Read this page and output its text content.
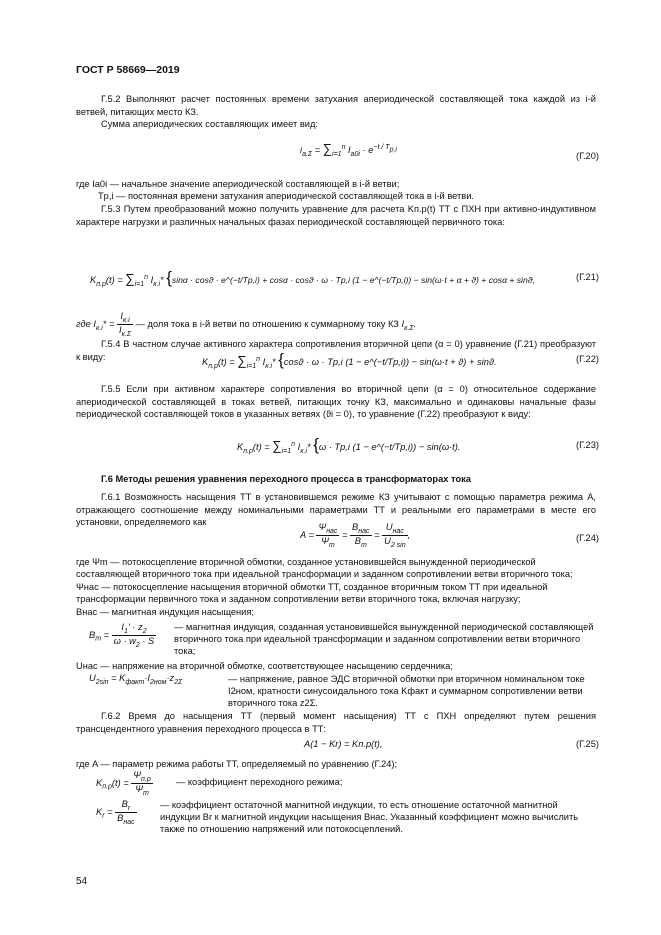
ГОСТ Р 58669—2019
Г.5.2 Выполняют расчет постоянных времени затухания апериодической составляющей тока каждой из i-й ветвей, питающих место КЗ.
Сумма апериодических составляющих имеет вид:
$i_{a.\Sigma} = \sum_{i=1}^n$ $I_{a0i} \cdot e^{-t / T_{p,i}}$
(Г.20)
где Ia0i — начальное значение апериодической составляющей в i-й ветви;
Tp,i — постоянная времени затухания апериодической составляющей тока в i-й ветви.
Г.5.3 Путем преобразований можно получить уравнение для расчета Kп.р(t) ТТ с ПХН при активно-индуктивном характере нагрузки и различных начальных фазах периодической составляющей первичного тока:
$K_{п.р}(t) = \sum_{i=1}^n$ $I_{к.i}*$ {sinα · cosϑ · e^(−t/Tp,i) + cosα · cosϑ · ω · Tp,i (1 − e^(−t/Tp,i)) − sin(ω·t + α + ϑ) + cosα + sinϑ,	(Г.21)
где $I_{к.i}* = \frac{I_{к.i}}{I_{к.\Sigma}}$ — доля тока в i-й ветви по отношению к суммарному току КЗ $I_{к.\Sigma}$.
Г.5.4 В частном случае активного характера сопротивления вторичной цепи (α = 0) уравнение (Г.21) преобразуют к виду:
$K_{п.р}(t) = \sum_{i=1}^n$ $I_{к.i}*$ {cosϑ · ω · Tp,i (1 − e^(−t/Tp,i)) − sin(ω·t + ϑ) + sinϑ.	(Г.22)
Г.5.5 Если при активном характере сопротивления во вторичной цепи (α = 0) относительное содержание апериодической составляющей в токах ветвей, питающих точку КЗ, максимально и одинаковы начальные фазы периодической составляющей токов в указанных ветвях (ϑi = 0), то уравнение (Г.22) преобразуют к виду:
$K_{п.р}(t) = \sum_{i=1}^n$ $I_{к.i}*$ {ω · Tp,i (1 − e^(−t/Tp,i)) − sin(ω·t).	(Г.23)
Г.6 Методы решения уравнения переходного процесса в трансформаторах тока
Г.6.1 Возможность насыщения ТТ в установившемся режиме КЗ учитывают с помощью параметра режима A, отражающего соотношение между номинальными параметрами ТТ и реальными его параметрами в месте его установки, определяемого как
$A = \frac{\Psi_{нас}}{\Psi_m} = \frac{B_{нас}}{B_m} = \frac{U_{нас}}{U_{2 sin}}$ ,	(Г.24)
где Ψm — потокосцепление вторичной обмотки, созданное установившейся вынужденной периодической составляющей вторичного тока при идеальной трансформации и заданном сопротивлении ветви вторичного тока;
Ψнас — потокосцепление насыщения вторичной обмотки ТТ, созданное вторичным током ТТ при идеальной трансформации первичного тока и заданном сопротивлении ветви вторичного тока, включая нагрузку;
Bнас — магнитная индукция насыщения;
$B_m = \frac{I_1' \cdot z_2}{\omega \cdot w_2 \cdot S}$ — магнитная индукция, созданная установившейся вынужденной периодической составляющей вторичного тока при идеальной трансформации и заданном сопротивлении ветви вторичного тока;
Uнас — напряжение на вторичной обмотке, соответствующее насыщению сердечника;
$U_{2sin} = K_{факт}\cdot I_{2ном}\cdot z_{2\Sigma}$	— напряжение, равное ЭДС вторичной обмотки при вторичном номинальном токе I2ном, кратности синусоидального тока Kфакт и суммарном сопротивлении ветви вторичного тока z2Σ.
Г.6.2 Время до насыщения ТТ (первый момент насыщения) ТТ с ПХН определяют путем решения трансцендентного уравнения переходного процесса в ТТ:
A(1 − Kr) = Kп.р(t),	(Г.25)
где A — параметр режима работы ТТ, определяемый по уравнению (Г.24);
$K_{п.р}(t) = \frac{\Psi_{п.р}}{\Psi_m}$	— коэффициент переходного режима;
$K_r = \frac{B_r}{B_{нас}}$	— коэффициент остаточной магнитной индукции, то есть отношение остаточной магнитной индукции Br к магнитной индукции насыщения Bнас. Указанный коэффициент можно вычислить также по отношению напряжений или потокосцеплений.
54
